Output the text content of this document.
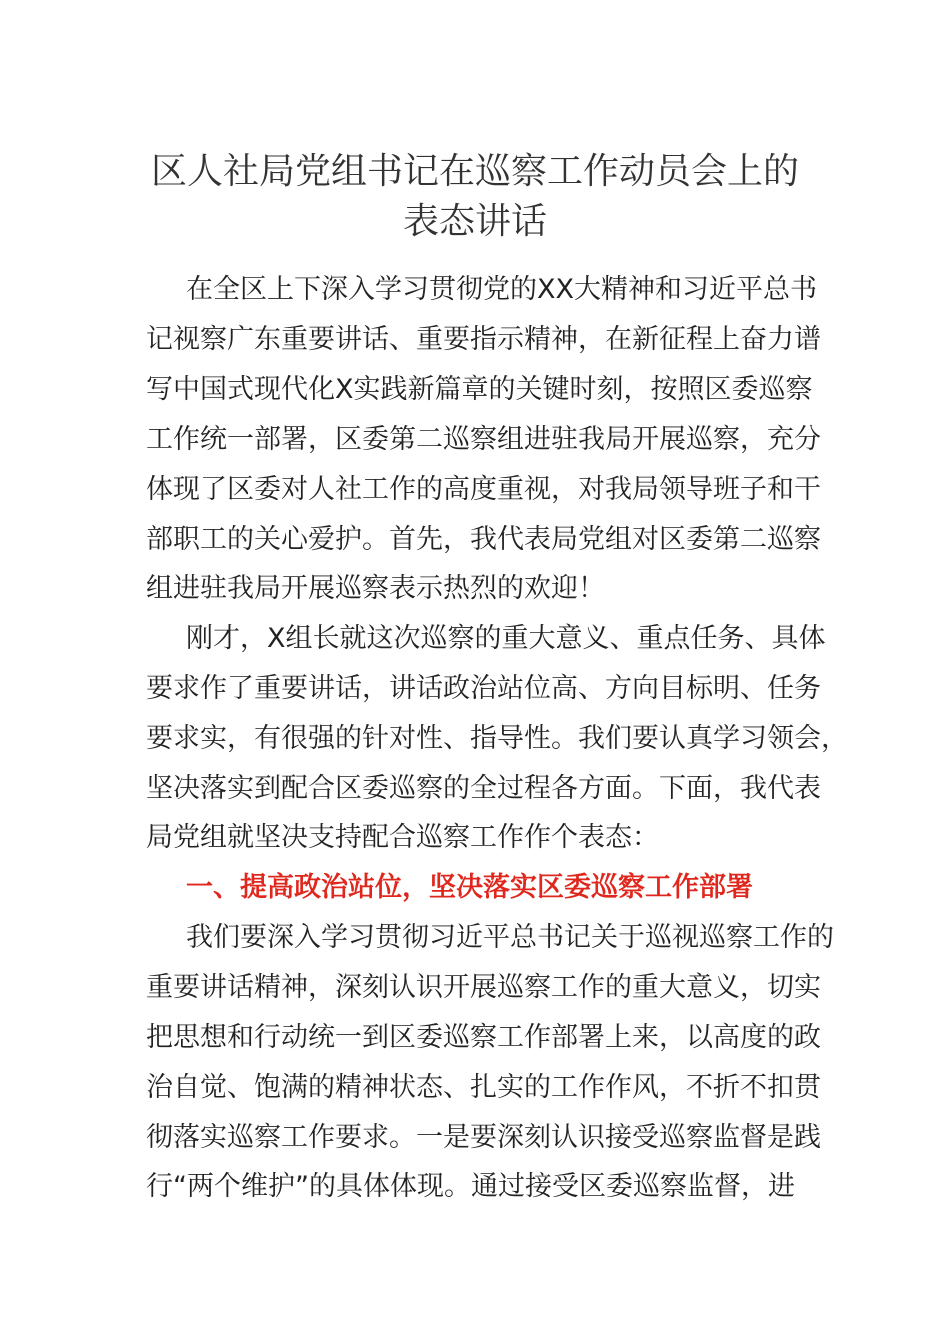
区人社局党组书记在巡察工作动员会上的
表态讲话
在全区上下深入学习贯彻党的XX大精神和习近平总书
记视察广东重要讲话、重要指示精神，在新征程上奋力谱
写中国式现代化X实践新篇章的关键时刻，按照区委巡察
工作统一部署，区委第二巡察组进驻我局开展巡察，充分
体现了区委对人社工作的高度重视，对我局领导班子和干
部职工的关心爱护。首先，我代表局党组对区委第二巡察
组进驻我局开展巡察表示热烈的欢迎！
刚才，X组长就这次巡察的重大意义、重点任务、具体
要求作了重要讲话，讲话政治站位高、方向目标明、任务
要求实，有很强的针对性、指导性。我们要认真学习领会，
坚决落实到配合区委巡察的全过程各方面。下面，我代表
局党组就坚决支持配合巡察工作作个表态：
一、提高政治站位，坚决落实区委巡察工作部署
我们要深入学习贯彻习近平总书记关于巡视巡察工作的
重要讲话精神，深刻认识开展巡察工作的重大意义，切实
把思想和行动统一到区委巡察工作部署上来，以高度的政
治自觉、饱满的精神状态、扎实的工作作风，不折不扣贯
彻落实巡察工作要求。一是要深刻认识接受巡察监督是践
行“两个维护”的具体体现。通过接受区委巡察监督，进
